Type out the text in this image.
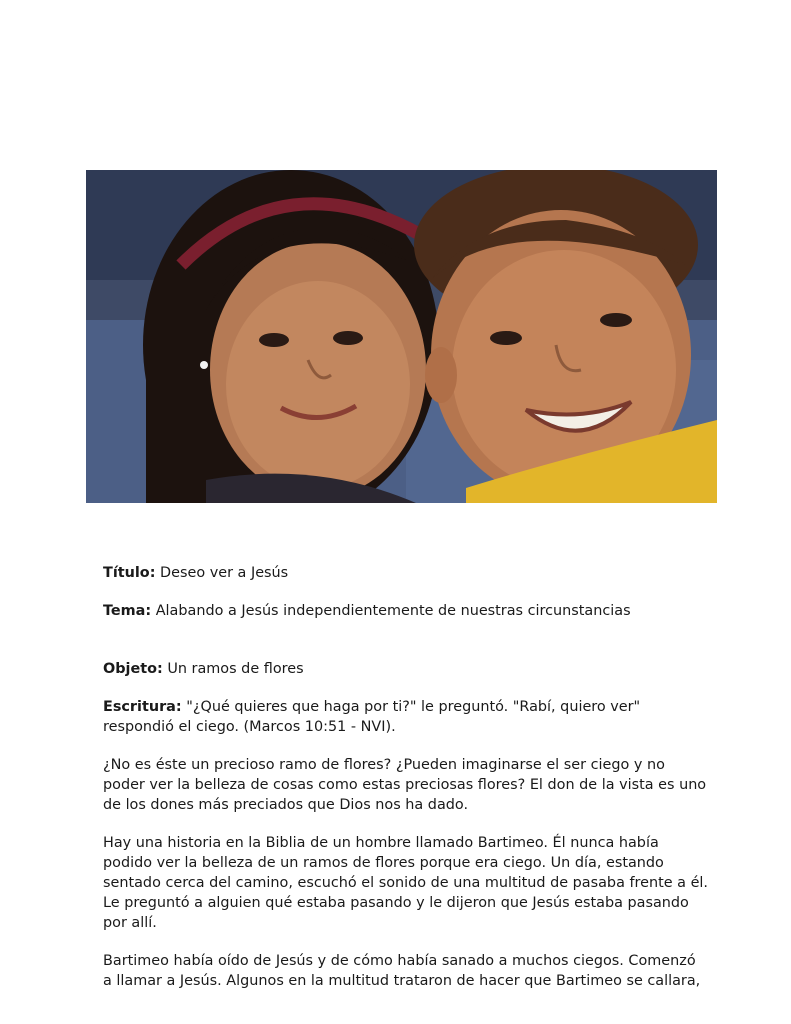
Título: Deseo ver a Jesús

Tema: Alabando a Jesús independientemente de nuestras circunstancias

Objeto: Un ramos de flores

Escritura: "¿Qué quieres que haga por ti?" le preguntó. "Rabí, quiero ver" respondió el ciego. (Marcos 10:51 - NVI).

¿No es éste un precioso ramo de flores? ¿Pueden imaginarse el ser ciego y no poder ver la belleza de cosas como estas preciosas flores? El don de la vista es uno de los dones más preciados que Dios nos ha dado.

Hay una historia en la Biblia de un hombre llamado Bartimeo. Él nunca había podido ver la belleza de un ramos de flores porque era ciego. Un día, estando sentado cerca del camino, escuchó el sonido de una multitud de pasaba frente a él. Le preguntó a alguien qué estaba pasando y le dijeron que Jesús estaba pasando por allí.

Bartimeo había oído de Jesús y de cómo había sanado a muchos ciegos. Comenzó a llamar a Jesús. Algunos en la multitud trataron de hacer que Bartimeo se callara,
